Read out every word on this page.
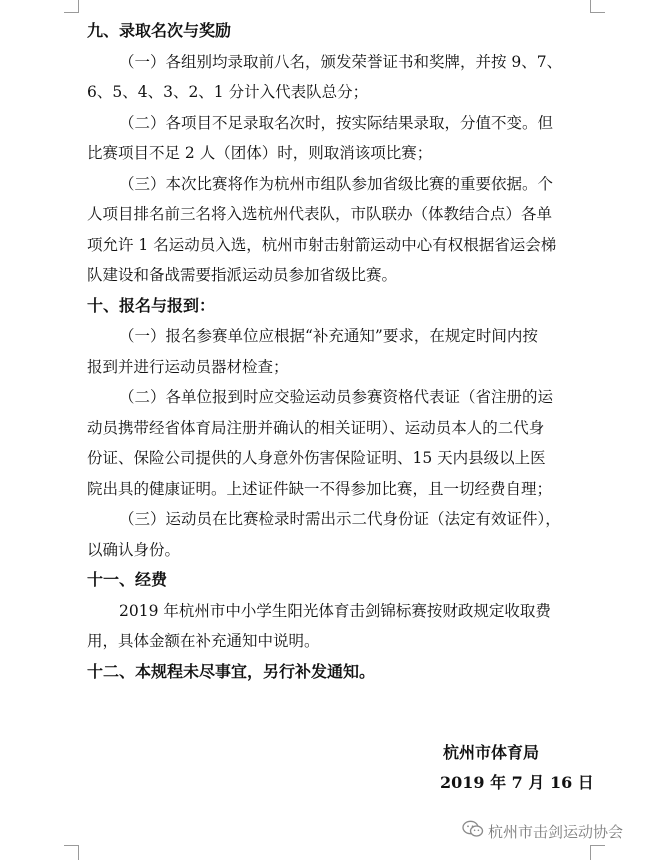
九、录取名次与奖励
（一）各组别均录取前八名，颁发荣誉证书和奖牌，并按 9、7、
6、5、4、3、2、1 分计入代表队总分；
（二）各项目不足录取名次时，按实际结果录取，分值不变。但
比赛项目不足 2 人（团体）时，则取消该项比赛；
（三）本次比赛将作为杭州市组队参加省级比赛的重要依据。个
人项目排名前三名将入选杭州代表队，市队联办（体教结合点）各单
项允许 1 名运动员入选，杭州市射击射箭运动中心有权根据省运会梯
队建设和备战需要指派运动员参加省级比赛。
十、报名与报到：
（一）报名参赛单位应根据“补充通知”要求，在规定时间内按
报到并进行运动员器材检查；
（二）各单位报到时应交验运动员参赛资格代表证（省注册的运
动员携带经省体育局注册并确认的相关证明）、运动员本人的二代身
份证、保险公司提供的人身意外伤害保险证明、15 天内县级以上医
院出具的健康证明。上述证件缺一不得参加比赛，且一切经费自理；
（三）运动员在比赛检录时需出示二代身份证（法定有效证件），
以确认身份。
十一、经费
2019 年杭州市中小学生阳光体育击剑锦标赛按财政规定收取费
用，具体金额在补充通知中说明。
十二、本规程未尽事宜，另行补发通知。
杭州市体育局
2019 年 7 月 16 日
杭州市击剑运动协会
